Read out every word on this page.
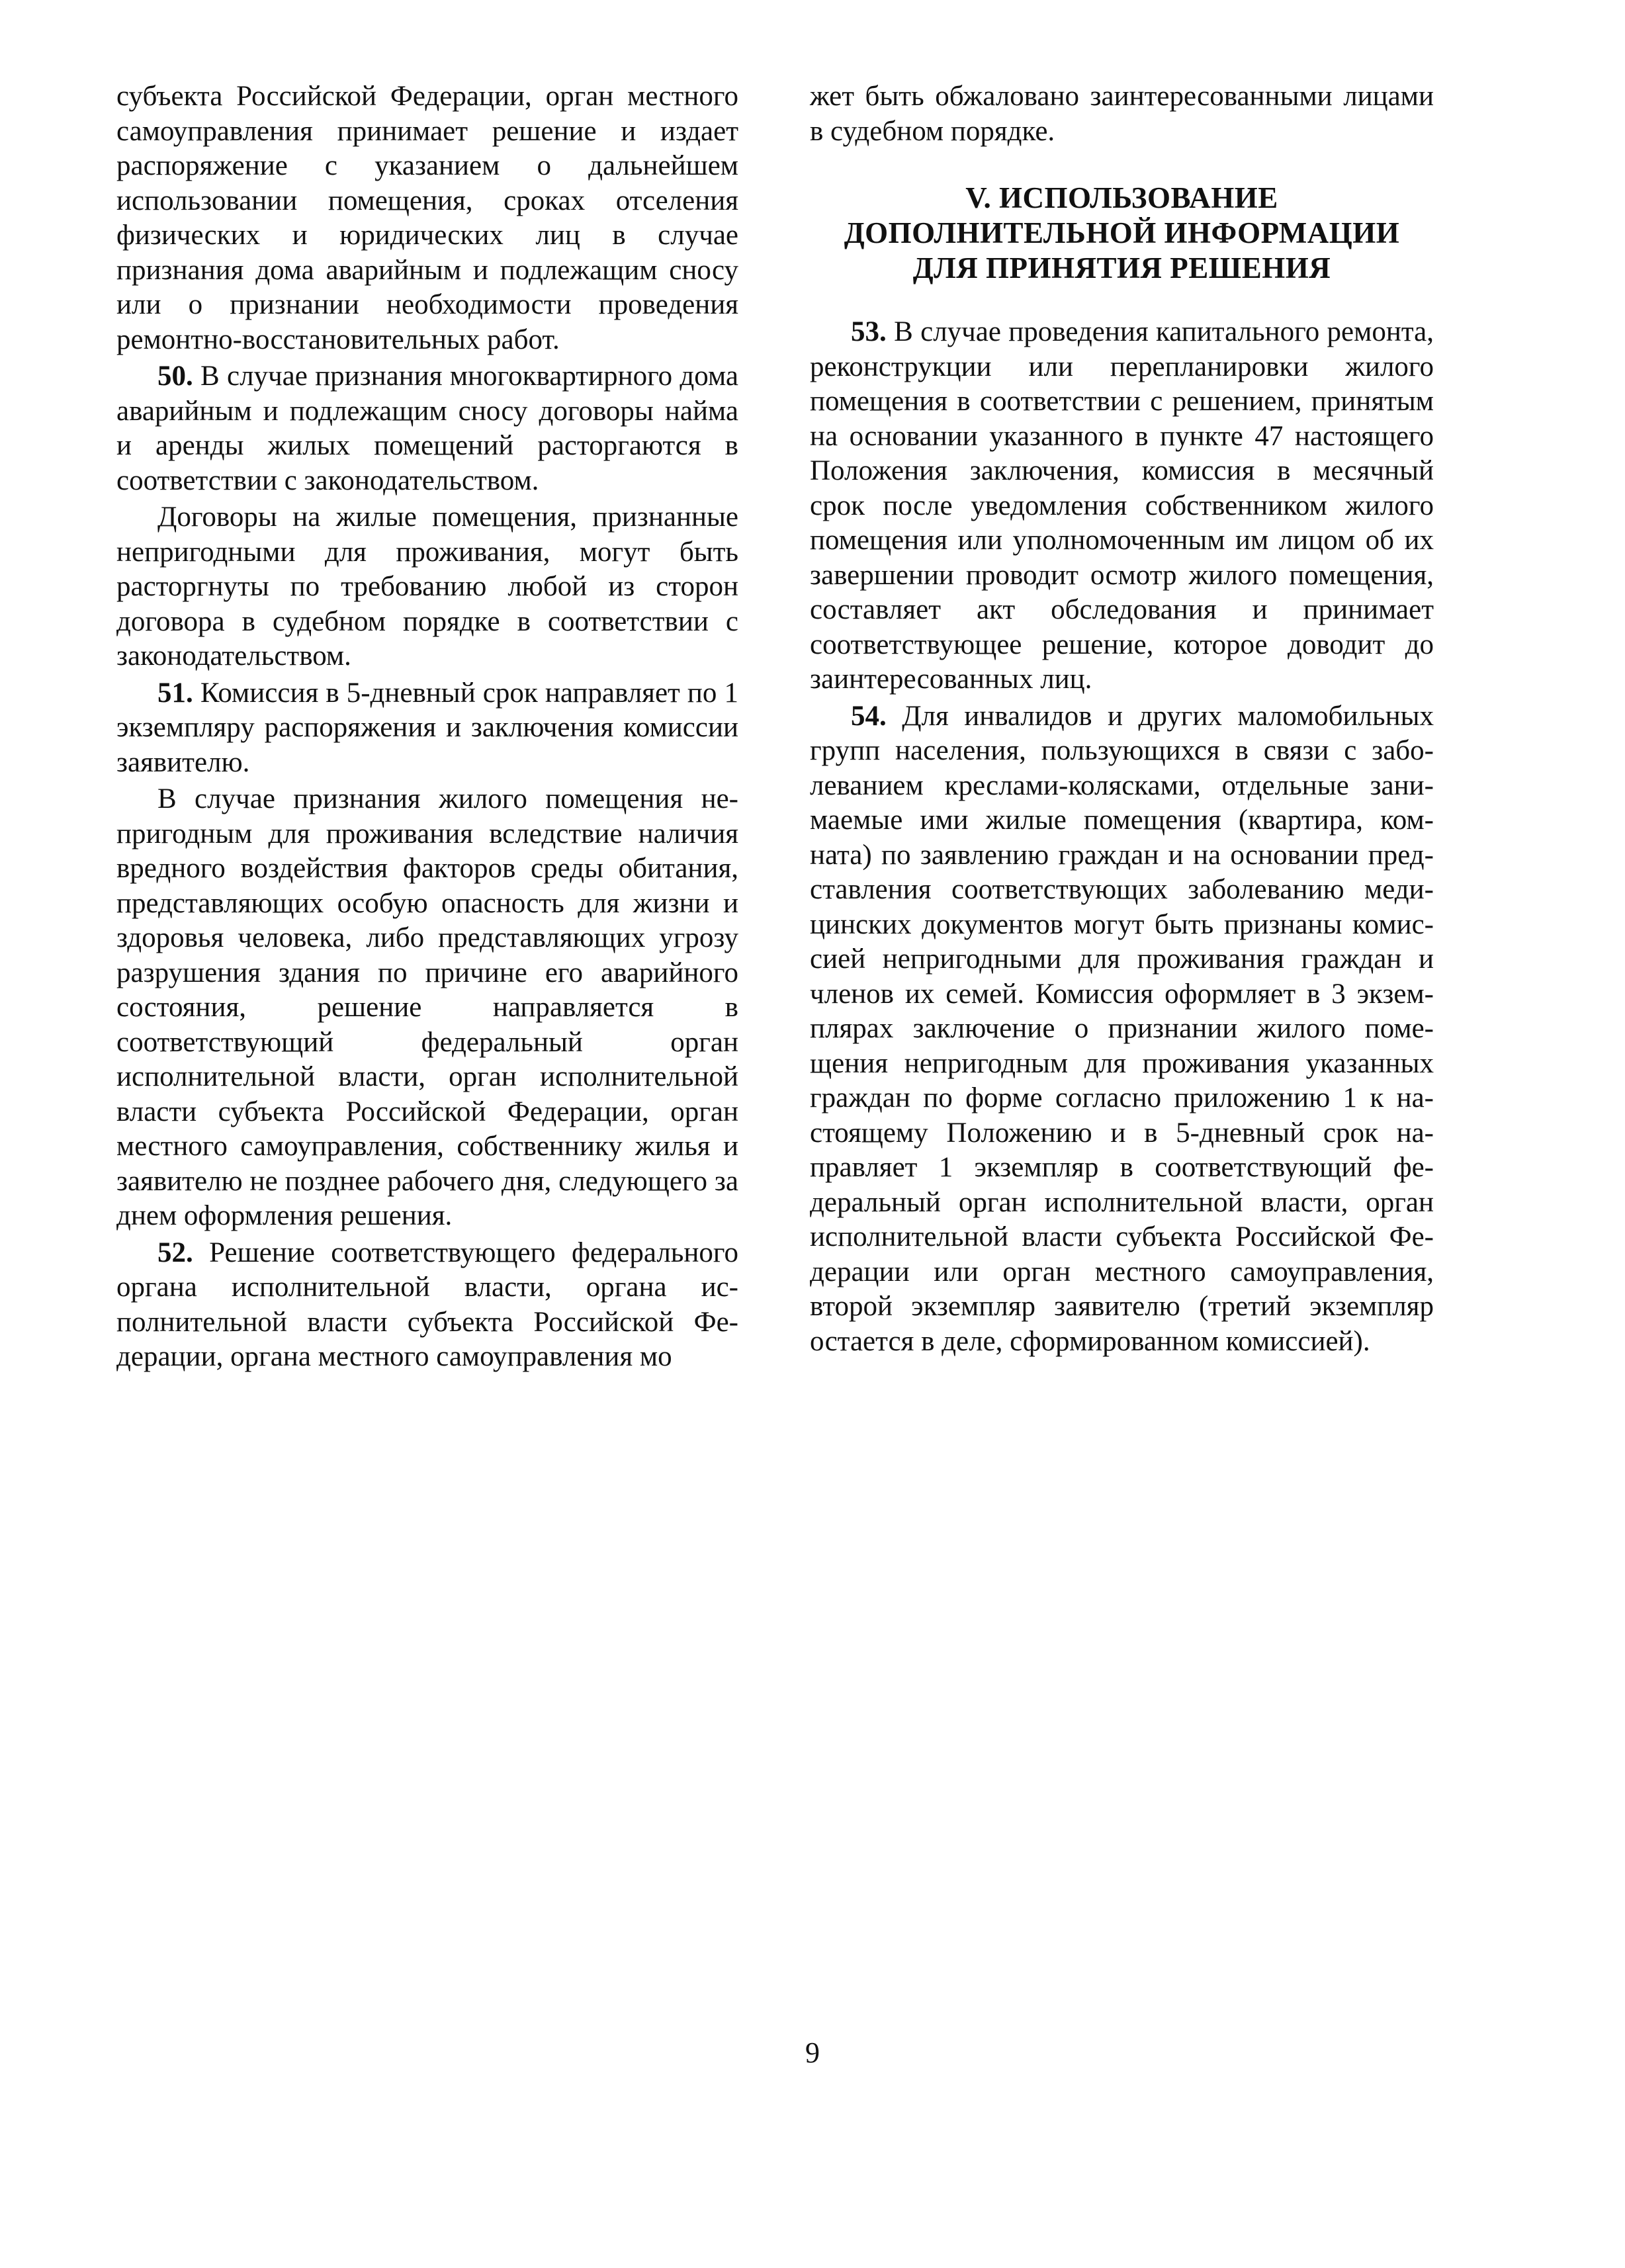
субъекта Российской Федерации, орган местного самоуправления принимает решение и издает распоряжение с указанием о дальнейшем использовании помещения, сроках отселения физических и юридических лиц в случае признания дома аварийным и подлежащим сносу или о признании необходимости проведения ремонтно-восстановительных работ.

50. В случае признания многоквартирного дома аварийным и подлежащим сносу договоры найма и аренды жилых помещений расторгаются в соответствии с законодательством.

Договоры на жилые помещения, признанные непригодными для проживания, могут быть расторгнуты по требованию любой из сторон договора в судебном порядке в соответствии с законодательством.

51. Комиссия в 5-дневный срок направляет по 1 экземпляру распоряжения и заключения комиссии заявителю.

В случае признания жилого помещения непригодным для проживания вследствие наличия вредного воздействия факторов среды обитания, представляющих особую опасность для жизни и здоровья человека, либо представляющих угрозу разрушения здания по причине его аварийного состояния, решение направляется в соответствующий федеральный орган исполнительной власти, орган исполнительной власти субъекта Российской Федерации, орган местного самоуправления, собственнику жилья и заявителю не позднее рабочего дня, следующего за днем оформления решения.

52. Решение соответствующего федерального органа исполнительной власти, органа исполнительной власти субъекта Российской Федерации, органа местного самоуправления мо

жет быть обжаловано заинтересованными лицами в судебном порядке.

V. ИСПОЛЬЗОВАНИЕ
ДОПОЛНИТЕЛЬНОЙ ИНФОРМАЦИИ
ДЛЯ ПРИНЯТИЯ РЕШЕНИЯ

53. В случае проведения капитального ремонта, реконструкции или перепланировки жилого помещения в соответствии с решением, принятым на основании указанного в пункте 47 настоящего Положения заключения, комиссия в месячный срок после уведомления собственником жилого помещения или уполномоченным им лицом об их завершении проводит осмотр жилого помещения, составляет акт обследования и принимает соответствующее решение, которое доводит до заинтересованных лиц.

54. Для инвалидов и других маломобильных групп населения, пользующихся в связи с заболеванием креслами-колясками, отдельные занимаемые ими жилые помещения (квартира, комната) по заявлению граждан и на основании представления соответствующих заболеванию медицинских документов могут быть признаны комиссией непригодными для проживания граждан и членов их семей. Комиссия оформляет в 3 экземплярах заключение о признании жилого помещения непригодным для проживания указанных граждан по форме согласно приложению 1 к настоящему Положению и в 5-дневный срок направляет 1 экземпляр в соответствующий федеральный орган исполнительной власти, орган исполнительной власти субъекта Российской Федерации или орган местного самоуправления, второй экземпляр заявителю (третий экземпляр остается в деле, сформированном комиссией).

9
